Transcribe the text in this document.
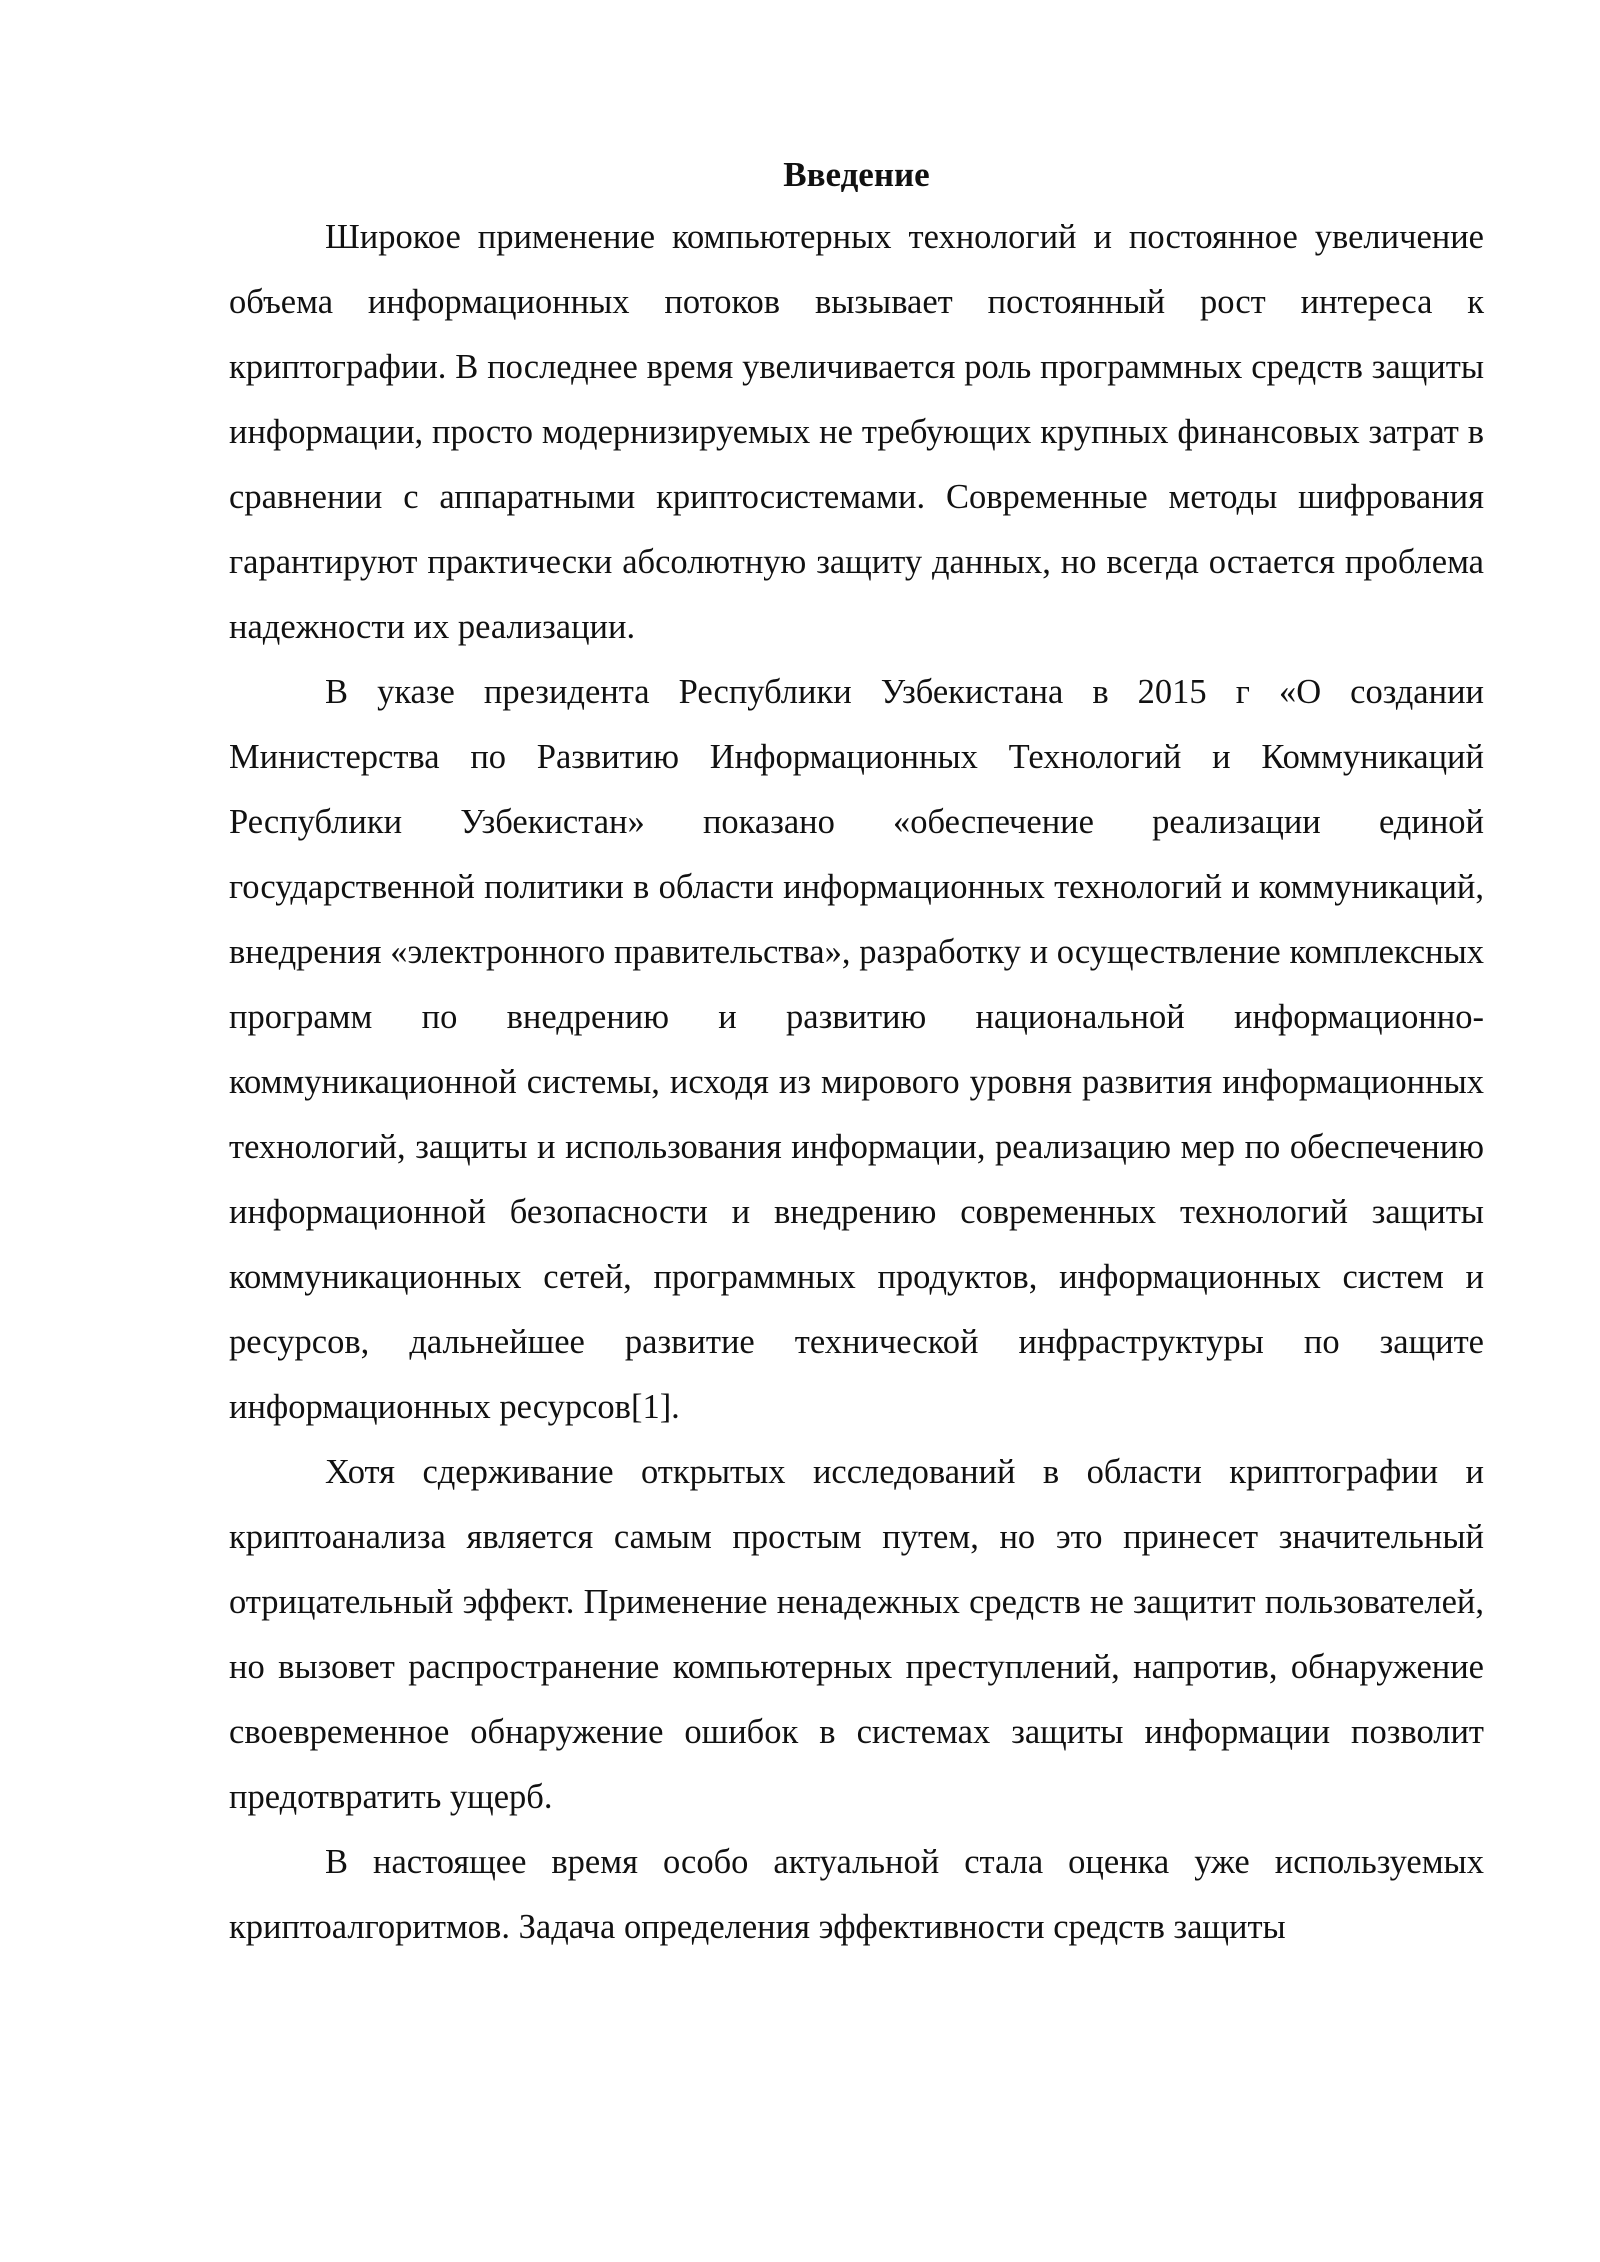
Введение

Широкое применение компьютерных технологий и постоянное увеличение объема информационных потоков вызывает постоянный рост интереса к криптографии. В последнее время увеличивается роль программных средств защиты информации, просто модернизируемых не требующих крупных финансовых затрат в сравнении с аппаратными криптосистемами. Современные методы шифрования гарантируют практически абсолютную защиту данных, но всегда остается проблема надежности их реализации.

В указе президента Республики Узбекистана в 2015 г «О создании Министерства по Развитию Информационных Технологий и Коммуникаций Республики Узбекистан» показано «обеспечение реализации единой государственной политики в области информационных технологий и коммуникаций, внедрения «электронного правительства», разработку и осуществление комплексных программ по внедрению и развитию национальной информационно-коммуникационной системы, исходя из мирового уровня развития информационных технологий, защиты и использования информации, реализацию мер по обеспечению информационной безопасности и внедрению современных технологий защиты коммуникационных сетей, программных продуктов, информационных систем и ресурсов, дальнейшее развитие технической инфраструктуры по защите информационных ресурсов[1].

Хотя сдерживание открытых исследований в области криптографии и криптоанализа является самым простым путем, но это принесет значительный отрицательный эффект. Применение ненадежных средств не защитит пользователей, но вызовет распространение компьютерных преступлений, напротив, обнаружение своевременное обнаружение ошибок в системах защиты информации позволит предотвратить ущерб.

В настоящее время особо актуальной стала оценка уже используемых криптоалгоритмов. Задача определения эффективности средств защиты
